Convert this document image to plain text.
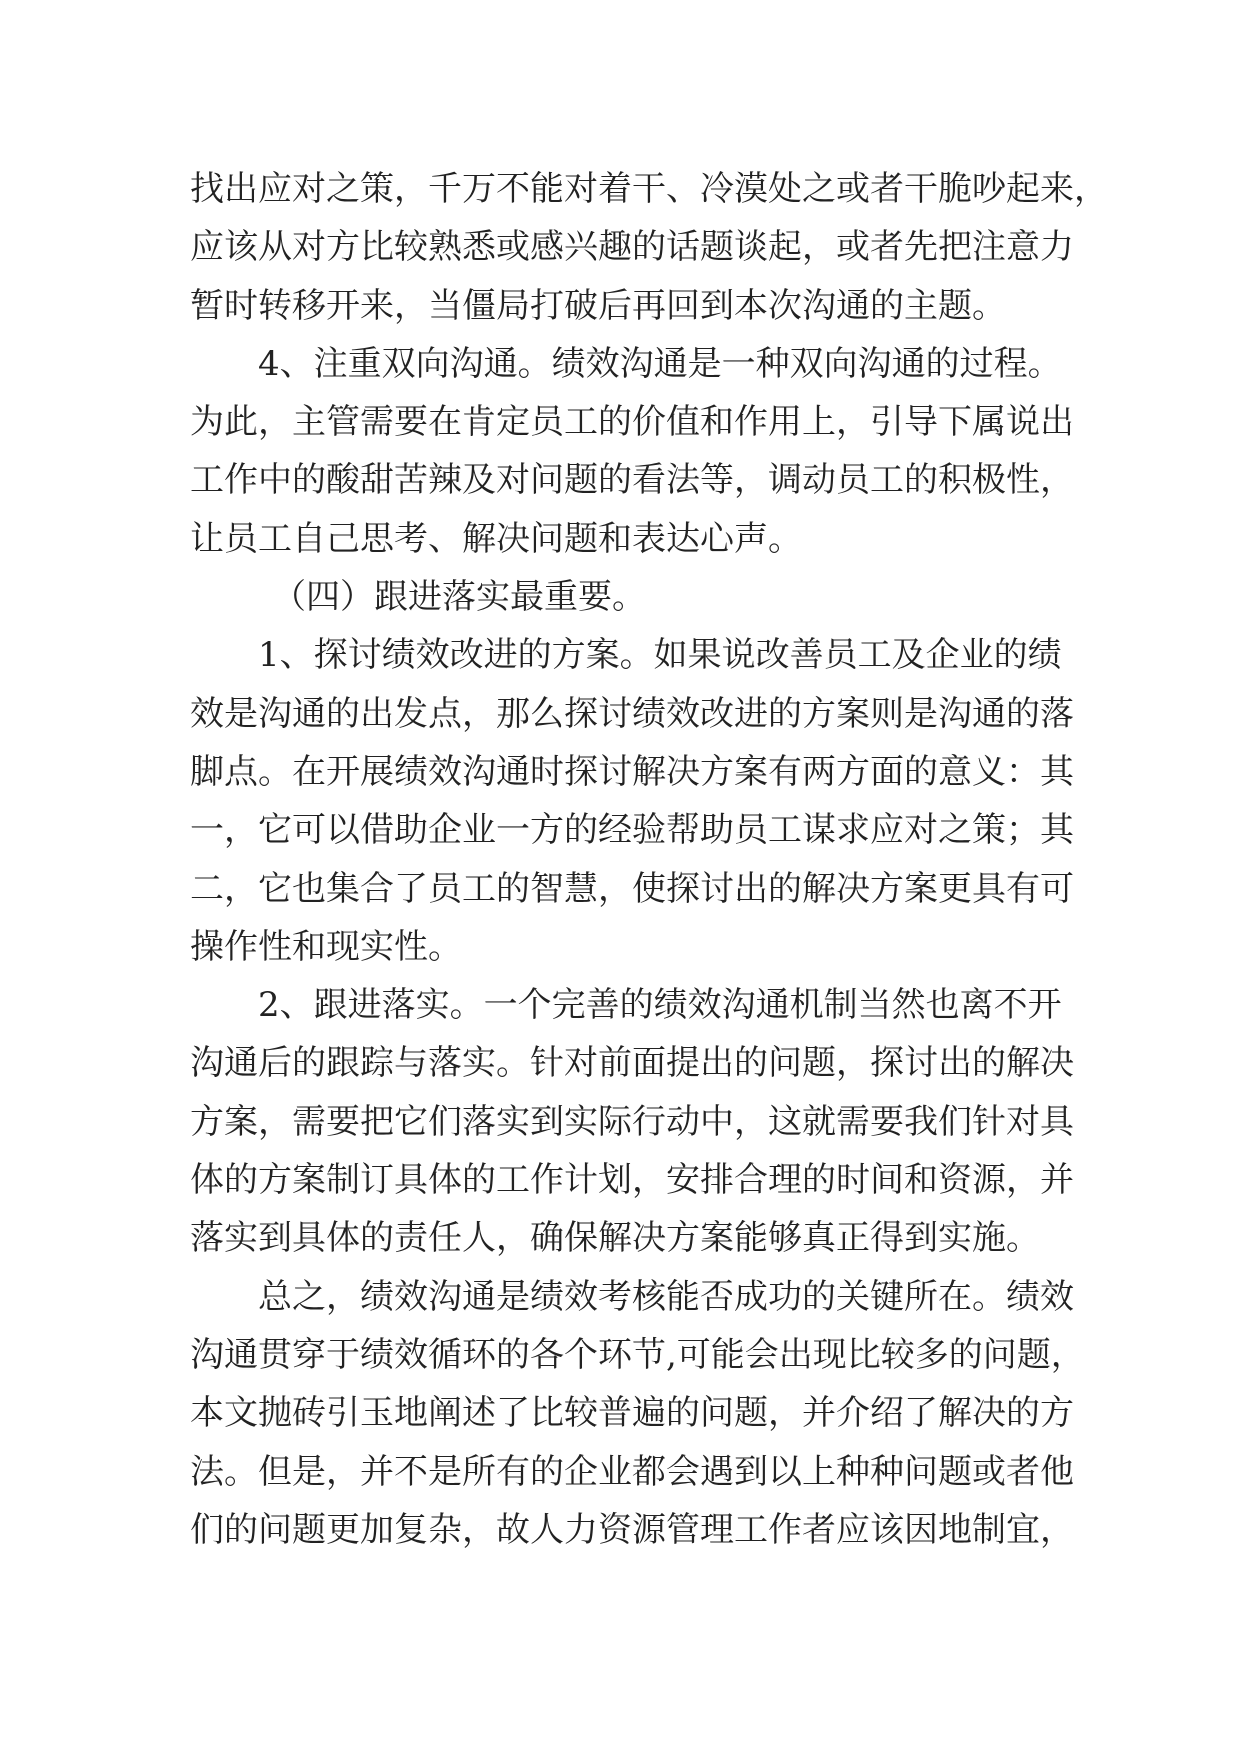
找出应对之策，千万不能对着干、冷漠处之或者干脆吵起来，
应该从对方比较熟悉或感兴趣的话题谈起，或者先把注意力
暂时转移开来，当僵局打破后再回到本次沟通的主题。
4、注重双向沟通。绩效沟通是一种双向沟通的过程。
为此，主管需要在肯定员工的价值和作用上，引导下属说出
工作中的酸甜苦辣及对问题的看法等，调动员工的积极性，
让员工自己思考、解决问题和表达心声。
（四）跟进落实最重要。
1、探讨绩效改进的方案。如果说改善员工及企业的绩
效是沟通的出发点，那么探讨绩效改进的方案则是沟通的落
脚点。在开展绩效沟通时探讨解决方案有两方面的意义：其
一，它可以借助企业一方的经验帮助员工谋求应对之策；其
二，它也集合了员工的智慧，使探讨出的解决方案更具有可
操作性和现实性。
2、跟进落实。一个完善的绩效沟通机制当然也离不开
沟通后的跟踪与落实。针对前面提出的问题，探讨出的解决
方案，需要把它们落实到实际行动中，这就需要我们针对具
体的方案制订具体的工作计划，安排合理的时间和资源，并
落实到具体的责任人，确保解决方案能够真正得到实施。
总之，绩效沟通是绩效考核能否成功的关键所在。绩效
沟通贯穿于绩效循环的各个环节,可能会出现比较多的问题，
本文抛砖引玉地阐述了比较普遍的问题，并介绍了解决的方
法。但是，并不是所有的企业都会遇到以上种种问题或者他
们的问题更加复杂，故人力资源管理工作者应该因地制宜，
